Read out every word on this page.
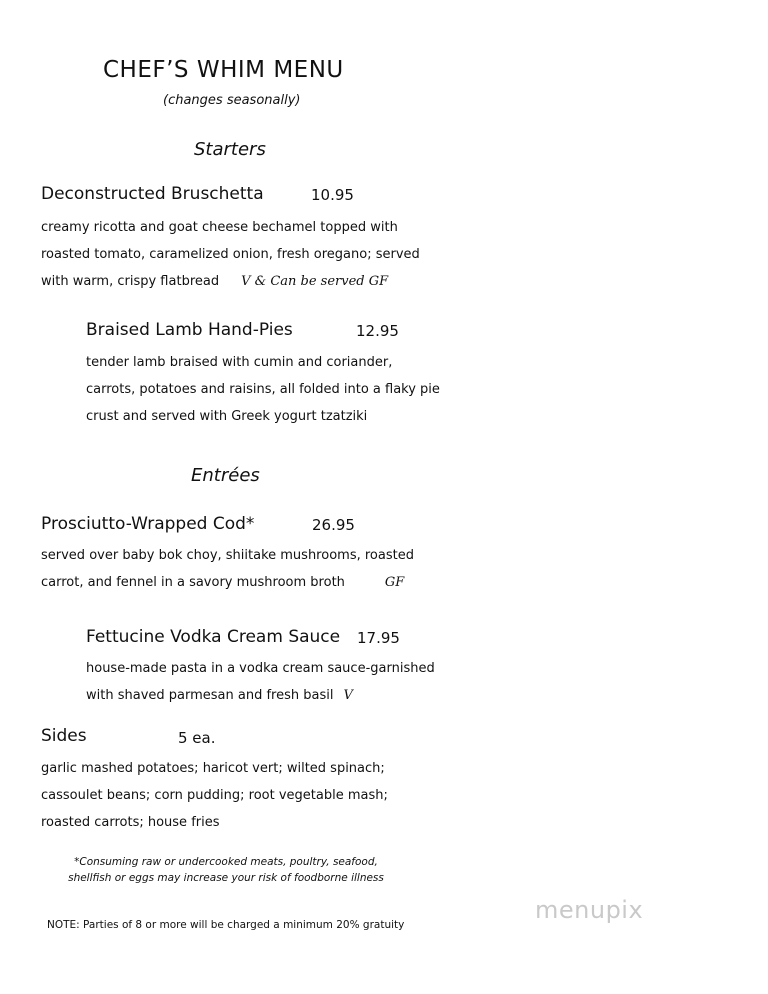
CHEF’S WHIM MENU
(changes seasonally)
Starters
Deconstructed Bruschetta	10.95
creamy ricotta and goat cheese bechamel topped with
roasted tomato, caramelized onion, fresh oregano; served
with warm, crispy flatbread V & Can be served GF
Braised Lamb Hand-Pies	12.95
tender lamb braised with cumin and coriander,
carrots, potatoes and raisins, all folded into a flaky pie
crust and served with Greek yogurt tzatziki
Entrées
Prosciutto-Wrapped Cod*	26.95
served over baby bok choy, shiitake mushrooms, roasted
carrot, and fennel in a savory mushroom broth	GF
Fettucine Vodka Cream Sauce 17.95
house-made pasta in a vodka cream sauce-garnished
with shaved parmesan and fresh basil V
Sides	5 ea.
garlic mashed potatoes; haricot vert; wilted spinach;
cassoulet beans; corn pudding; root vegetable mash;
roasted carrots; house fries
*Consuming raw or undercooked meats, poultry, seafood,
shellfish or eggs may increase your risk of foodborne illness
NOTE: Parties of 8 or more will be charged a minimum 20% gratuity
menupix
